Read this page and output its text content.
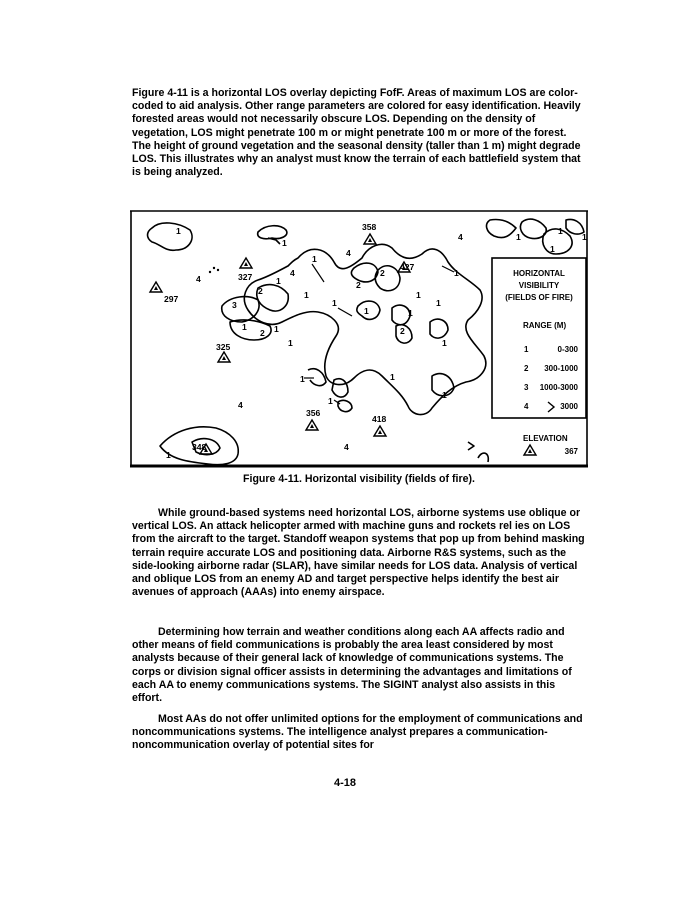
Figure 4-11 is a horizontal LOS overlay depicting FofF. Areas of maximum LOS are color-coded to aid analysis. Other range parameters are colored for easy identification. Heavily forested areas would not necessarily obscure LOS. Depending on the density of vegetation, LOS might penetrate 100 m or might penetrate 100 m or more of the forest. The height of ground vegetation and the seasonal density (taller than 1 m) might degrade LOS. This illustrates why an analyst must know the terrain of each battlefield system that is being analyzed.

358
427
327
297
325
356
418
348
1
1
1
1
1
1
1
1
1
1	1
1
1
1	1
1
1
1
1
1
1
1
1
1
2
2
2
2
2
3
4
4
4
4
4
4
HORIZONTAL
VISIBILITY
(FIELDS OF FIRE)
RANGE (M)
1	0-300
2 300-1000
3 1000-3000
4	3000
ELEVATION
367
Figure 4-11. Horizontal visibility (fields of fire).

While ground-based systems need horizontal LOS, airborne systems use oblique or vertical LOS. An attack helicopter armed with machine guns and rockets rel ies on LOS from the aircraft to the target. Standoff weapon systems that pop up from behind masking terrain require accurate LOS and positioning data. Airborne R&S systems, such as the side-looking airborne radar (SLAR), have similar needs for LOS data. Analysis of vertical and oblique LOS from an enemy AD and target perspective helps identify the best air avenues of approach (AAAs) into enemy airspace.

Determining how terrain and weather conditions along each AA affects radio and other means of field communications is probably the area least considered by most analysts because of their general lack of knowledge of communications systems. The corps or division signal officer assists in determining the advantages and limitations of each AA to enemy communications systems. The SIGINT analyst also assists in this effort.

Most AAs do not offer unlimited options for the employment of communications and noncommunications systems. The intelligence analyst prepares a communication-noncommunication overlay of potential sites for

4-18
